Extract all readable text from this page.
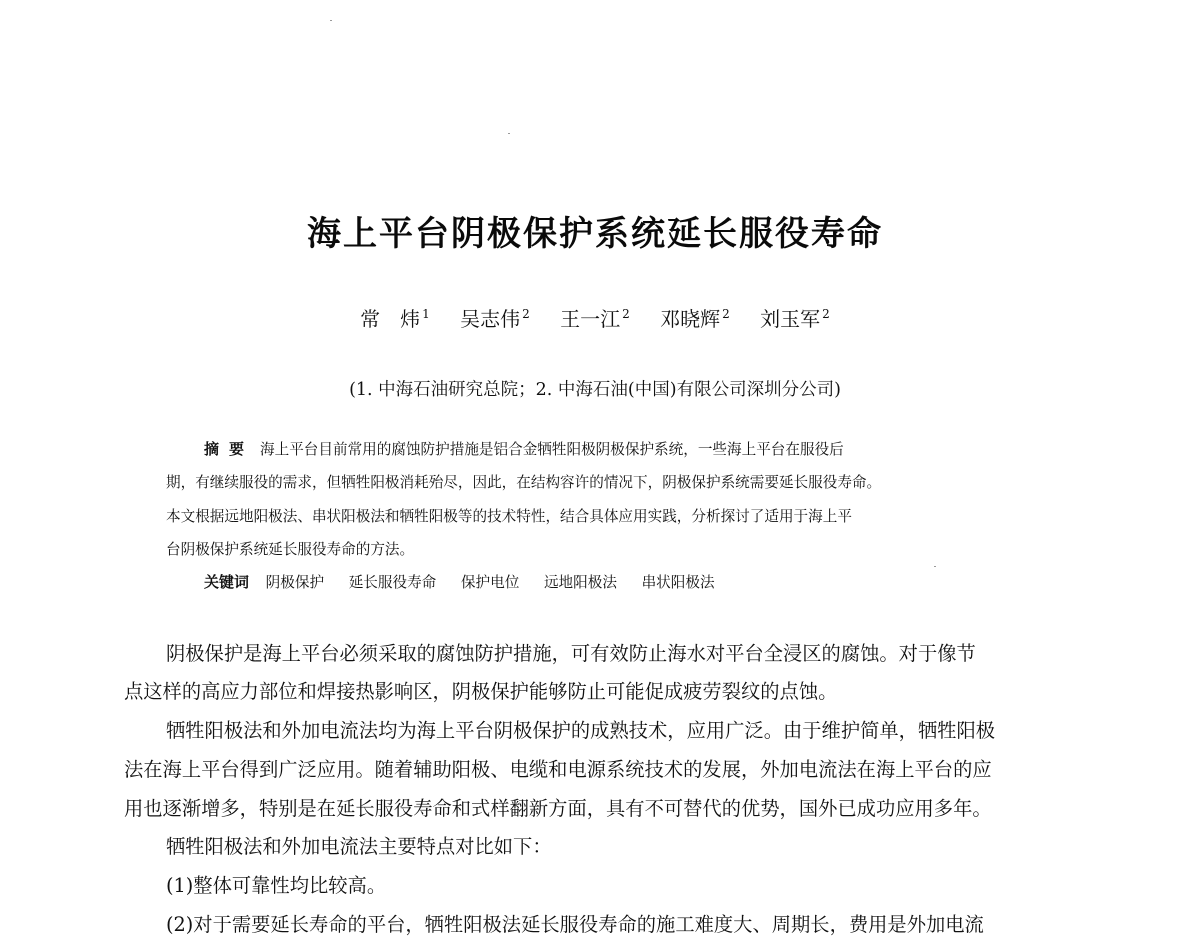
海上平台阴极保护系统延长服役寿命
常　炜 $^1$ 吴志伟 $^2$ 王一江 $^2$ 邓晓辉 $^2$ 刘玉军 $^2$

(1. 中海石油研究总院；2. 中海石油(中国)有限公司深圳分公司)

摘要 海上平台目前常用的腐蚀防护措施是铝合金牺牲阳极阴极保护系统，一些海上平台在服役后
期，有继续服役的需求，但牺牲阳极消耗殆尽，因此，在结构容许的情况下，阴极保护系统需要延长服役寿命。
本文根据远地阳极法、串状阳极法和牺牲阳极等的技术特性，结合具体应用实践，分析探讨了适用于海上平
台阴极保护系统延长服役寿命的方法。
关键词 阴极保护 延长服役寿命 保护电位 远地阳极法 串状阳极法
阴极保护是海上平台必须采取的腐蚀防护措施，可有效防止海水对平台全浸区的腐蚀。对于像节
点这样的高应力部位和焊接热影响区，阴极保护能够防止可能促成疲劳裂纹的点蚀。
牺牲阳极法和外加电流法均为海上平台阴极保护的成熟技术，应用广泛。由于维护简单，牺牲阳极
法在海上平台得到广泛应用。随着辅助阳极、电缆和电源系统技术的发展，外加电流法在海上平台的应
用也逐渐增多，特别是在延长服役寿命和式样翻新方面，具有不可替代的优势，国外已成功应用多年。
牺牲阳极法和外加电流法主要特点对比如下：
(1)整体可靠性均比较高。
(2)对于需要延长寿命的平台，牺牲阳极法延长服役寿命的施工难度大、周期长，费用是外加电流
